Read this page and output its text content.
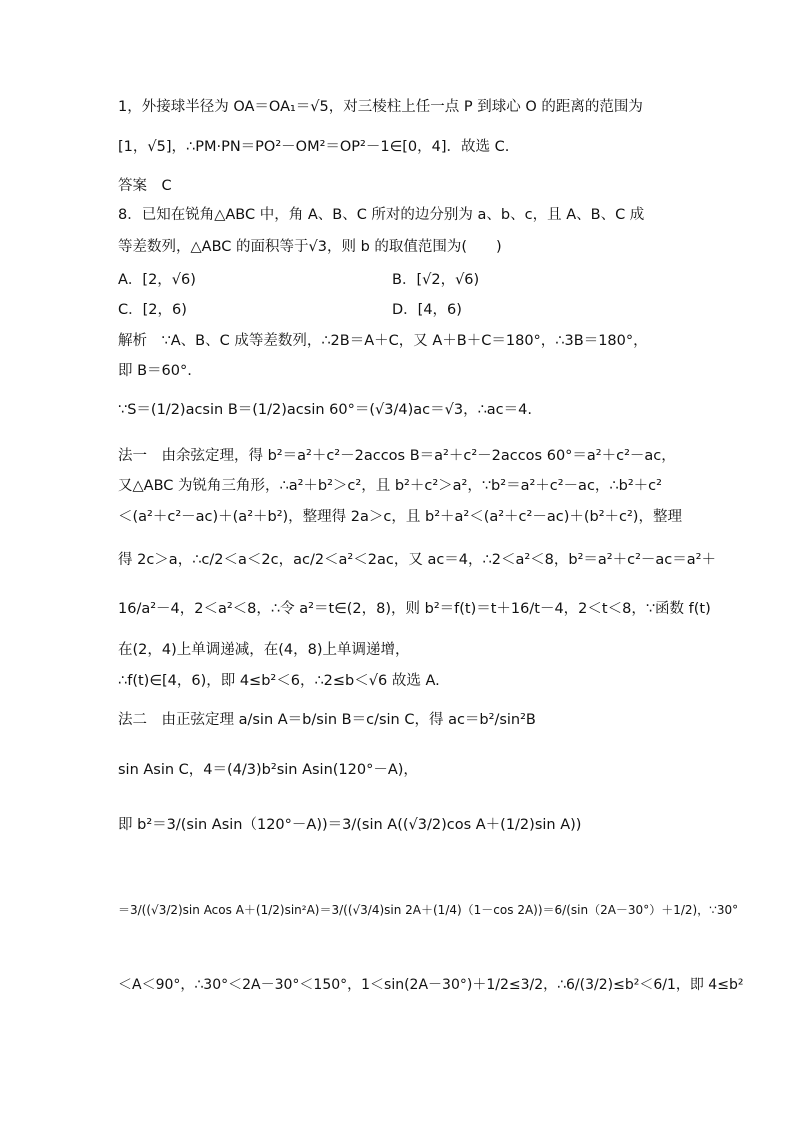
1，外接球半径为 OA＝OA₁＝√5，对三棱柱上任一点 P 到球心 O 的距离的范围为
[1，√5]，∴PM·PN＝PO²－OM²＝OP²－1∈[0，4]．故选 C.
答案　C
8．已知在锐角△ABC 中，角 A、B、C 所对的边分别为 a、b、c，且 A、B、C 成
等差数列，△ABC 的面积等于√3，则 b 的取值范围为(　　)
A．[2，√6)	B．[√2，√6)
C．[2，6)	D．[4，6)
解析　∵A、B、C 成等差数列，∴2B＝A＋C，又 A＋B＋C＝180°，∴3B＝180°，
即 B＝60°.
∵S＝(1/2)acsin B＝(1/2)acsin 60°＝(√3/4)ac＝√3，∴ac＝4.
法一　由余弦定理，得 b²＝a²＋c²－2accos B＝a²＋c²－2accos 60°＝a²＋c²－ac，
又△ABC 为锐角三角形，∴a²＋b²＞c²，且 b²＋c²＞a²，∵b²＝a²＋c²－ac，∴b²＋c²
＜(a²＋c²－ac)＋(a²＋b²)，整理得 2a＞c，且 b²＋a²＜(a²＋c²－ac)＋(b²＋c²)，整理
得 2c＞a，∴c/2＜a＜2c，ac/2＜a²＜2ac，又 ac＝4，∴2＜a²＜8，b²＝a²＋c²－ac＝a²＋
16/a²－4，2＜a²＜8，∴令 a²＝t∈(2，8)，则 b²＝f(t)＝t＋16/t－4，2＜t＜8，∵函数 f(t)
在(2，4)上单调递减，在(4，8)上单调递增，
∴f(t)∈[4，6)，即 4≤b²＜6，∴2≤b＜√6 故选 A.
法二　由正弦定理 a/sin A＝b/sin B＝c/sin C，得 ac＝b²/sin²B
sin Asin C，4＝(4/3)b²sin Asin(120°－A)，
即 b²＝3/(sin Asin（120°－A))＝3/(sin A((√3/2)cos A＋(1/2)sin A))
＝3/((√3/2)sin Acos A＋(1/2)sin²A)＝3/((√3/4)sin 2A＋(1/4)（1－cos 2A))＝6/(sin（2A－30°）＋1/2)，∵30°
＜A＜90°，∴30°＜2A－30°＜150°，1＜sin(2A－30°)＋1/2≤3/2，∴6/(3/2)≤b²＜6/1，即 4≤b²
